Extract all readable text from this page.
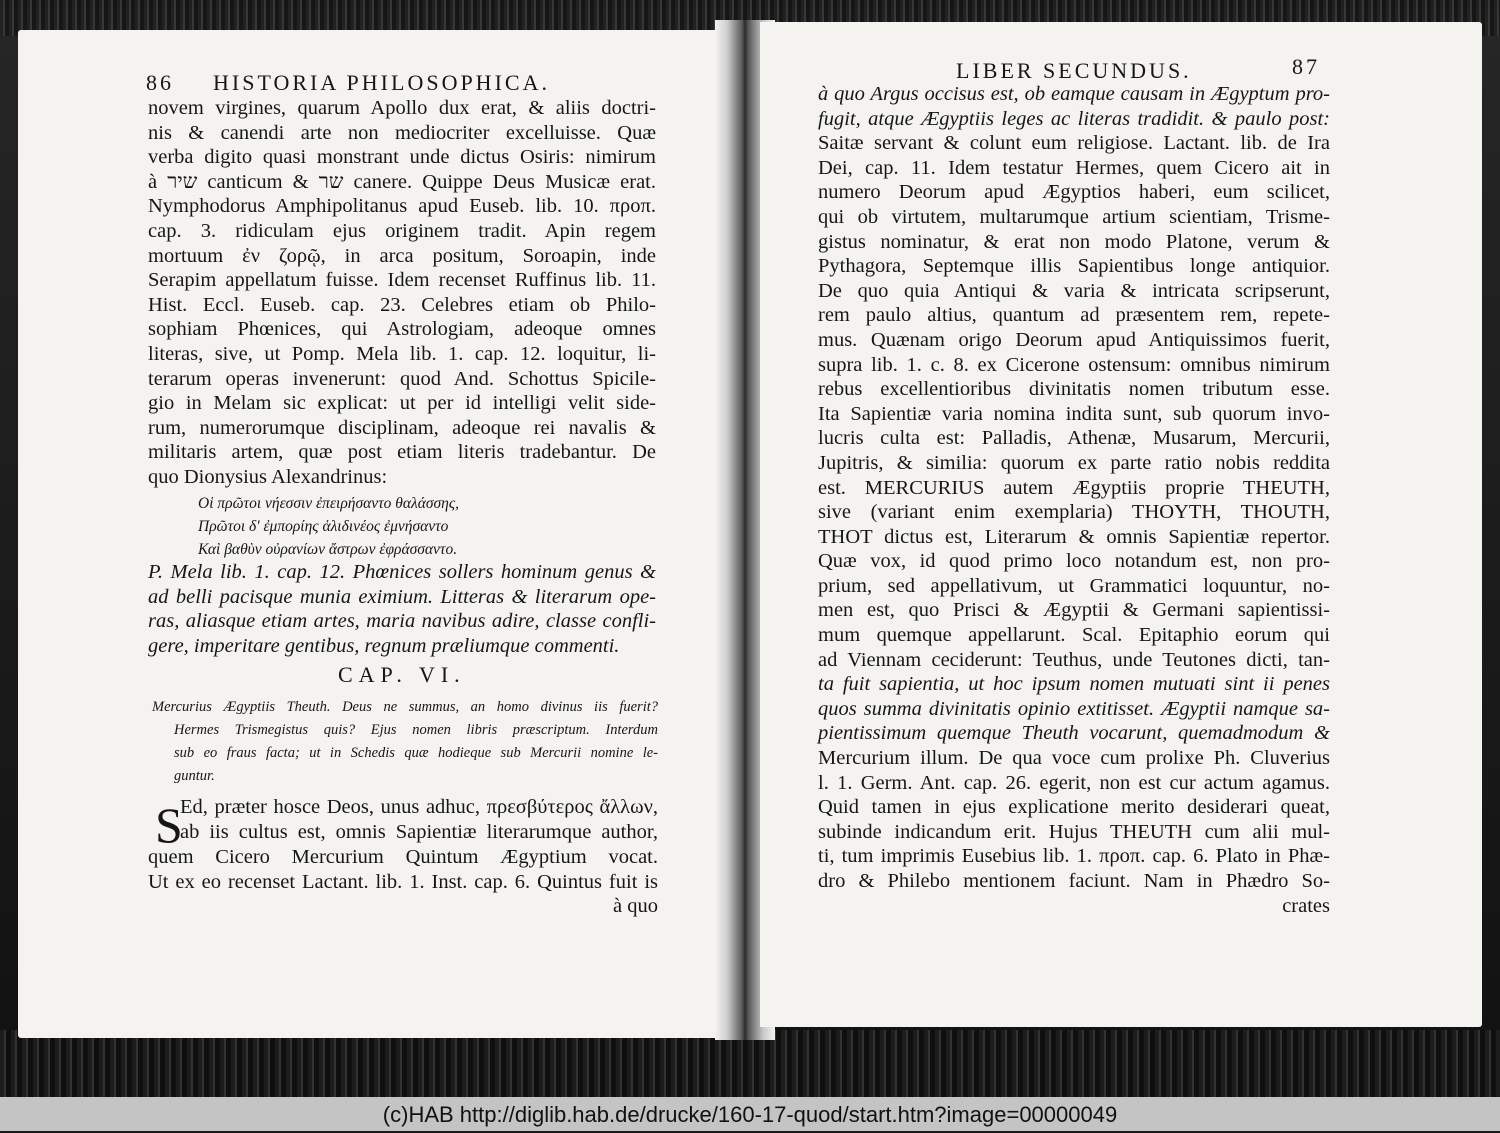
86 HISTORIA PHILOSOPHICA.
novem virgines, quarum Apollo dux erat, & aliis doctri-
nis & canendi arte non mediocriter excelluisse. Quæ
verba digito quasi monstrant unde dictus Osiris: nimirum
à שיר canticum & שר canere. Quippe Deus Musicæ erat.
Nymphodorus Amphipolitanus apud Euseb. lib. 10. προπ.
cap. 3. ridiculam ejus originem tradit. Apin regem
mortuum ἐν ζορῷ, in arca positum, Soroapin, inde
Serapim appellatum fuisse. Idem recenset Ruffinus lib. 11.
Hist. Eccl. Euseb. cap. 23. Celebres etiam ob Philo-
sophiam Phœnices, qui Astrologiam, adeoque omnes
literas, sive, ut Pomp. Mela lib. 1. cap. 12. loquitur, li-
terarum operas invenerunt: quod And. Schottus Spicile-
gio in Melam sic explicat: ut per id intelligi velit side-
rum, numerorumque disciplinam, adeoque rei navalis &
militaris artem, quæ post etiam literis tradebantur. De
quo Dionysius Alexandrinus:
Οἱ πρῶτοι νήεσσιν ἐπειρήσαντο θαλάσσης,
Πρῶτοι δ' ἐμπορίης ἁλιδινέος ἐμνήσαντο
Καὶ βαθὺν οὐρανίων ἄστρων ἐφράσσαντο.
P. Mela lib. 1. cap. 12. Phœnices sollers hominum genus &
ad belli pacisque munia eximium. Litteras & literarum ope-
ras, aliasque etiam artes, maria navibus adire, classe confli-
gere, imperitare gentibus, regnum præliumque commenti.
CAP. VI.
Mercurius Ægyptiis Theuth. Deus ne summus, an homo divinus iis fuerit?
Hermes Trismegistus quis? Ejus nomen libris præscriptum. Interdum
sub eo fraus facta; ut in Schedis quæ hodieque sub Mercurii nomine le-
guntur.
S
Ed, præter hosce Deos, unus adhuc, πρεσβύτερος ἄλλων,
ab iis cultus est, omnis Sapientiæ literarumque author,
quem Cicero Mercurium Quintum Ægyptium vocat.
Ut ex eo recenset Lactant. lib. 1. Inst. cap. 6. Quintus fuit is
à quo
LIBER SECUNDUS.	87
à quo Argus occisus est, ob eamque causam in Ægyptum pro-
fugit, atque Ægyptiis leges ac literas tradidit. & paulo post:
Saitæ servant & colunt eum religiose. Lactant. lib. de Ira
Dei, cap. 11. Idem testatur Hermes, quem Cicero ait in
numero Deorum apud Ægyptios haberi, eum scilicet,
qui ob virtutem, multarumque artium scientiam, Trisme-
gistus nominatur, & erat non modo Platone, verum &
Pythagora, Septemque illis Sapientibus longe antiquior.
De quo quia Antiqui & varia & intricata scripserunt,
rem paulo altius, quantum ad præsentem rem, repete-
mus. Quænam origo Deorum apud Antiquissimos fuerit,
supra lib. 1. c. 8. ex Cicerone ostensum: omnibus nimirum
rebus excellentioribus divinitatis nomen tributum esse.
Ita Sapientiæ varia nomina indita sunt, sub quorum invo-
lucris culta est: Palladis, Athenæ, Musarum, Mercurii,
Jupitris, & similia: quorum ex parte ratio nobis reddita
est. MERCURIUS autem Ægyptiis proprie THEUTH,
sive (variant enim exemplaria) THOYTH, THOUTH,
THOT dictus est, Literarum & omnis Sapientiæ repertor.
Quæ vox, id quod primo loco notandum est, non pro-
prium, sed appellativum, ut Grammatici loquuntur, no-
men est, quo Prisci & Ægyptii & Germani sapientissi-
mum quemque appellarunt. Scal. Epitaphio eorum qui
ad Viennam ceciderunt: Teuthus, unde Teutones dicti, tan-
ta fuit sapientia, ut hoc ipsum nomen mutuati sint ii penes
quos summa divinitatis opinio extitisset. Ægyptii namque sa-
pientissimum quemque Theuth vocarunt, quemadmodum &
Mercurium illum. De qua voce cum prolixe Ph. Cluverius
l. 1. Germ. Ant. cap. 26. egerit, non est cur actum agamus.
Quid tamen in ejus explicatione merito desiderari queat,
subinde indicandum erit. Hujus THEUTH cum alii mul-
ti, tum imprimis Eusebius lib. 1. προπ. cap. 6. Plato in Phæ-
dro & Philebo mentionem faciunt. Nam in Phædro So-
crates
(c)HAB http://diglib.hab.de/drucke/160-17-quod/start.htm?image=00000049
